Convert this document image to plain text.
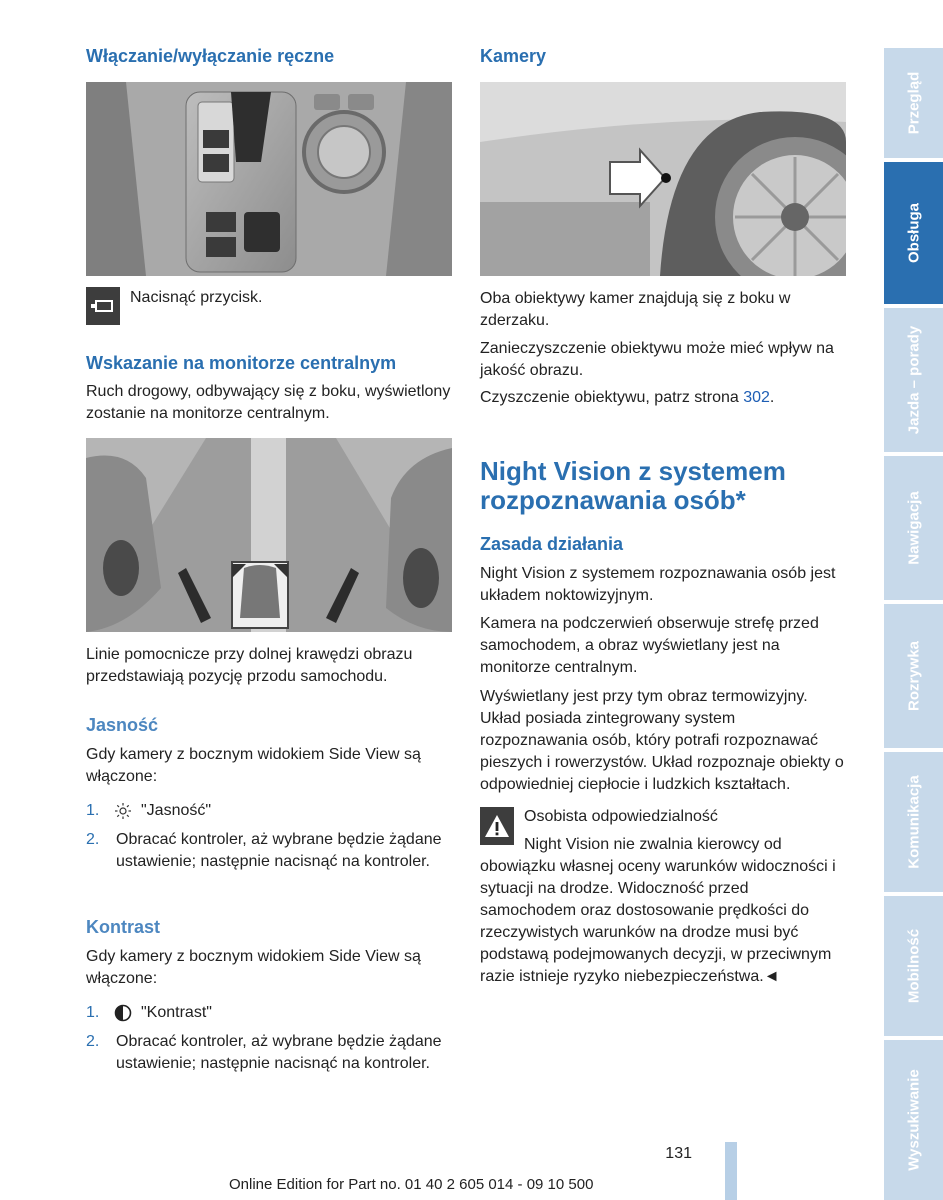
Włączanie/wyłączanie ręczne
Nacisnąć przycisk.
Wskazanie na monitorze centralnym
Ruch drogowy, odbywający się z boku, wyświetlony zostanie na monitorze centralnym.
Linie pomocnicze przy dolnej krawędzi obrazu przedstawiają pozycję przodu samochodu.
Jasność
Gdy kamery z bocznym widokiem Side View są włączone:
1.	"Jasność"
2. Obracać kontroler, aż wybrane będzie żądane ustawienie; następnie nacisnąć na kontroler.
Kontrast
Gdy kamery z bocznym widokiem Side View są włączone:
1.	"Kontrast"
2. Obracać kontroler, aż wybrane będzie żądane ustawienie; następnie nacisnąć na kontroler.
Kamery
Oba obiektywy kamer znajdują się z boku w zderzaku.
Zanieczyszczenie obiektywu może mieć wpływ na jakość obrazu.
Czyszczenie obiektywu, patrz strona 302.
Night Vision z systemem rozpoznawania osób*
Zasada działania
Night Vision z systemem rozpoznawania osób jest układem noktowizyjnym.
Kamera na podczerwień obserwuje strefę przed samochodem, a obraz wyświetlany jest na monitorze centralnym.
Wyświetlany jest przy tym obraz termowizyjny. Układ posiada zintegrowany system rozpoznawania osób, który potrafi rozpoznawać pieszych i rowerzystów. Układ rozpoznaje obiekty o odpowiedniej ciepłocie i ludzkich kształtach.
Osobista odpowiedzialność
Night Vision nie zwalnia kierowcy od obowiązku własnej oceny warunków widoczności i sytuacji na drodze. Widoczność przed samochodem oraz dostosowanie prędkości do rzeczywistych warunków na drodze musi być podstawą podejmowanych decyzji, w przeciwnym razie istnieje ryzyko niebezpieczeństwa.◄
Przegląd
Obsługa
Jazda – porady
Nawigacja
Rozrywka
Komunikacja
Mobilność
Wyszukiwanie
131
Online Edition for Part no. 01 40 2 605 014 - 09 10 500
